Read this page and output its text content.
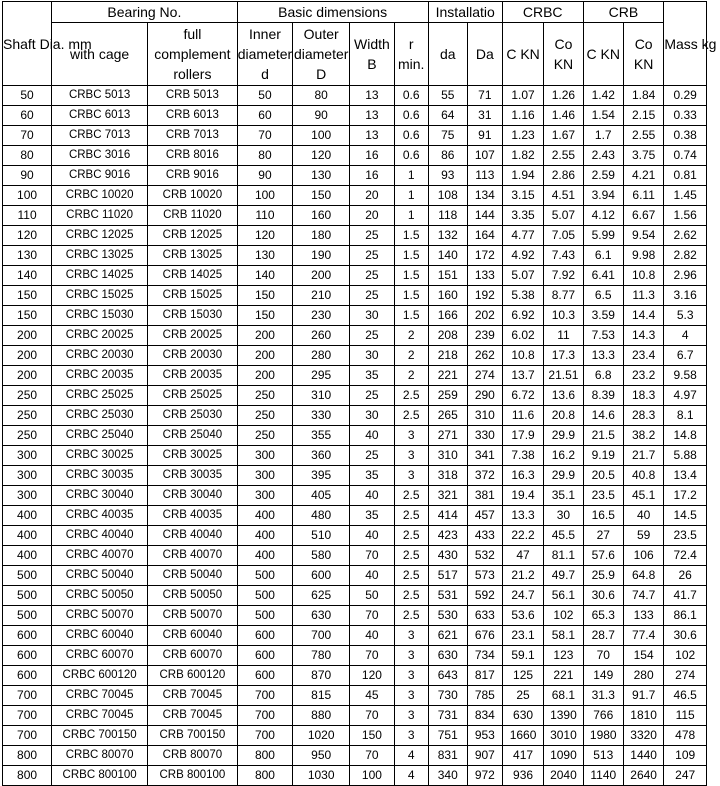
Shaft Dia. mm	Bearing No.		Basic dimensions				Installatio		CRBC		CRB		Mass kg
	with cage	full complement rollers	Inner diameter d	Outer diameter D	Width B	r min.	da	Da	C KN	Co KN	C KN	Co KN	
50	CRBC 5013	CRB 5013	50	80	13	0.6	55	71	1.07	1.26	1.42	1.84	0.29
60	CRBC 6013	CRB 6013	60	90	13	0.6	64	31	1.16	1.46	1.54	2.15	0.33
70	CRBC 7013	CRB 7013	70	100	13	0.6	75	91	1.23	1.67	1.7	2.55	0.38
80	CRBC 3016	CRB 8016	80	120	16	0.6	86	107	1.82	2.55	2.43	3.75	0.74
90	CRBC 9016	CRB 9016	90	130	16	1	93	113	1.94	2.86	2.59	4.21	0.81
100	CRBC 10020	CRB 10020	100	150	20	1	108	134	3.15	4.51	3.94	6.11	1.45
110	CRBC 11020	CRB 11020	110	160	20	1	118	144	3.35	5.07	4.12	6.67	1.56
120	CRBC 12025	CRB 12025	120	180	25	1.5	132	164	4.77	7.05	5.99	9.54	2.62
130	CRBC 13025	CRB 13025	130	190	25	1.5	140	172	4.92	7.43	6.1	9.98	2.82
140	CRBC 14025	CRB 14025	140	200	25	1.5	151	133	5.07	7.92	6.41	10.8	2.96
150	CRBC 15025	CRB 15025	150	210	25	1.5	160	192	5.38	8.77	6.5	11.3	3.16
150	CRBC 15030	CRB 15030	150	230	30	1.5	166	202	6.92	10.3	3.59	14.4	5.3
200	CRBC 20025	CRB 20025	200	260	25	2	208	239	6.02	11	7.53	14.3	4
200	CRBC 20030	CRB 20030	200	280	30	2	218	262	10.8	17.3	13.3	23.4	6.7
200	CRBC 20035	CRB 20035	200	295	35	2	221	274	13.7	21.51	6.8	23.2	9.58
250	CRBC 25025	CRB 25025	250	310	25	2.5	259	290	6.72	13.6	8.39	18.3	4.97
250	CRBC 25030	CRB 25030	250	330	30	2.5	265	310	11.6	20.8	14.6	28.3	8.1
250	CRBC 25040	CRB 25040	250	355	40	3	271	330	17.9	29.9	21.5	38.2	14.8
300	CRBC 30025	CRB 30025	300	360	25	3	310	341	7.38	16.2	9.19	21.7	5.88
300	CRBC 30035	CRB 30035	300	395	35	3	318	372	16.3	29.9	20.5	40.8	13.4
300	CRBC 30040	CRB 30040	300	405	40	2.5	321	381	19.4	35.1	23.5	45.1	17.2
400	CRBC 40035	CRB 40035	400	480	35	2.5	414	457	13.3	30	16.5	40	14.5
400	CRBC 40040	CRB 40040	400	510	40	2.5	423	433	22.2	45.5	27	59	23.5
400	CRBC 40070	CRB 40070	400	580	70	2.5	430	532	47	81.1	57.6	106	72.4
500	CRBC 50040	CRB 50040	500	600	40	2.5	517	573	21.2	49.7	25.9	64.8	26
500	CRBC 50050	CRB 50050	500	625	50	2.5	531	592	24.7	56.1	30.6	74.7	41.7
500	CRBC 50070	CRB 50070	500	630	70	2.5	530	633	53.6	102	65.3	133	86.1
600	CRBC 60040	CRB 60040	600	700	40	3	621	676	23.1	58.1	28.7	77.4	30.6
600	CRBC 60070	CRB 60070	600	780	70	3	630	734	59.1	123	70	154	102
600	CRBC 600120	CRB 600120	600	870	120	3	643	817	125	221	149	280	274
700	CRBC 70045	CRB 70045	700	815	45	3	730	785	25	68.1	31.3	91.7	46.5
700	CRBC 70045	CRB 70045	700	880	70	3	731	834	630	1390	766	1810	115
700	CRBC 700150	CRB 700150	700	1020	150	3	751	953	1660	3010	1980	3320	478
800	CRBC 80070	CRB 80070	800	950	70	4	831	907	417	1090	513	1440	109
800	CRBC 800100	CRB 800100	800	1030	100	4	340	972	936	2040	1140	2640	247
